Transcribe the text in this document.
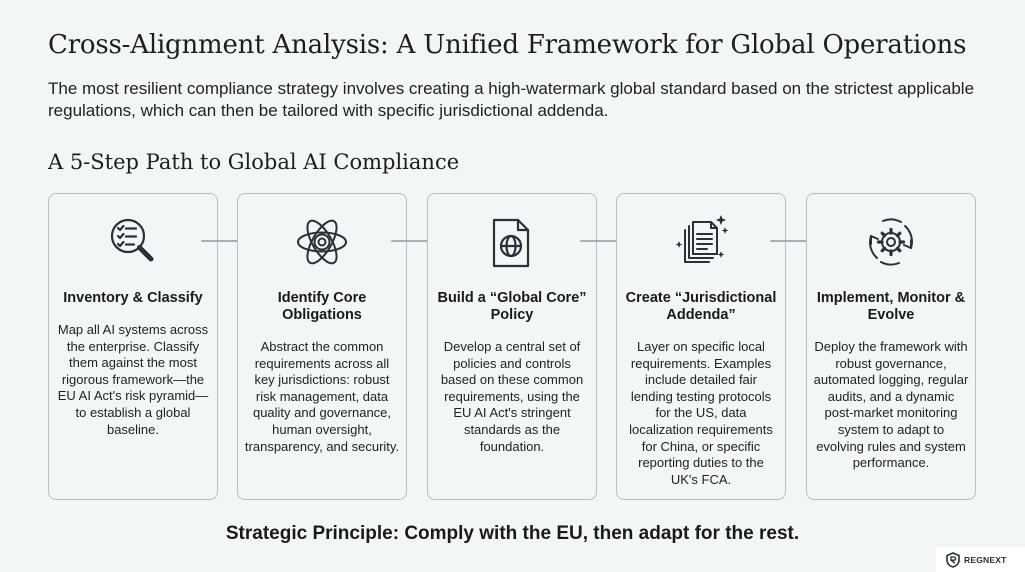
Cross-Alignment Analysis: A Unified Framework for Global Operations
The most resilient compliance strategy involves creating a high-watermark global standard based on the strictest applicable regulations, which can then be tailored with specific jurisdictional addenda.
A 5-Step Path to Global AI Compliance
Inventory & Classify
Map all AI systems across the enterprise. Classify them against the most rigorous framework—the EU AI Act's risk pyramid—to establish a global baseline.
Identify Core Obligations
Abstract the common requirements across all key jurisdictions: robust risk management, data quality and governance, human oversight, transparency, and security.
Build a “Global Core” Policy
Develop a central set of policies and controls based on these common requirements, using the EU AI Act's stringent standards as the foundation.
Create “Jurisdictional Addenda”
Layer on specific local requirements. Examples include detailed fair lending testing protocols for the US, data localization requirements for China, or specific reporting duties to the UK's FCA.
Implement, Monitor & Evolve
Deploy the framework with robust governance, automated logging, regular audits, and a dynamic post-market monitoring system to adapt to evolving rules and system performance.
Strategic Principle: Comply with the EU, then adapt for the rest.
REGNEXT
